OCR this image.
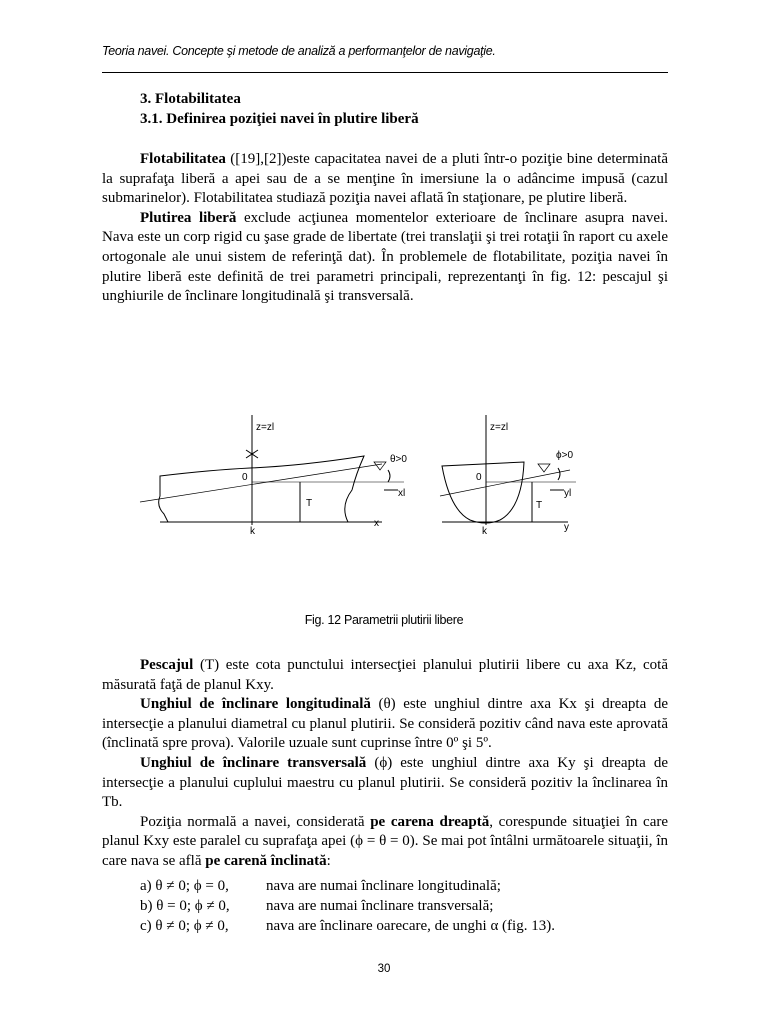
Teoria navei. Concepte şi metode de analiză a performanţelor de navigaţie.
3. Flotabilitatea
3.1. Definirea poziţiei navei în plutire liberă

Flotabilitatea ([19],[2])este capacitatea navei de a pluti într-o poziţie bine determinată la suprafaţa liberă a apei sau de a se menţine în imersiune la o adâncime impusă (cazul submarinelor). Flotabilitatea studiază poziţia navei aflată în staţionare, pe plutire liberă.

Plutirea liberă exclude acţiunea momentelor exterioare de înclinare asupra navei. Nava este un corp rigid cu şase grade de libertate (trei translaţii şi trei rotaţii în raport cu axele ortogonale ale unui sistem de referinţă dat). În problemele de flotabilitate, poziţia navei în plutire liberă este definită de trei parametri principali, reprezentanţi în fig. 12: pescajul şi unghiurile de înclinare longitudinală şi transversală.

z=zl
0
θ>0
xl
x
T
k
z=zl
0
ϕ>0
yl
y
T
k
Fig. 12 Parametrii plutirii libere

Pescajul (T) este cota punctului intersecţiei planului plutirii libere cu axa Kz, cotă măsurată faţă de planul Kxy.

Unghiul de înclinare longitudinală (θ) este unghiul dintre axa Kx şi dreapta de intersecţie a planului diametral cu planul plutirii. Se consideră pozitiv când nava este aprovată (înclinată spre prova). Valorile uzuale sunt cuprinse între 0º şi 5º.

Unghiul de înclinare transversală (ϕ) este unghiul dintre axa Ky şi dreapta de intersecţie a planului cuplului maestru cu planul plutirii. Se consideră pozitiv la înclinarea în Tb.

Poziţia normală a navei, considerată pe carena dreaptă, corespunde situaţiei în care planul Kxy este paralel cu suprafaţa apei (ϕ = θ = 0). Se mai pot întâlni următoarele situaţii, în care nava se află pe carenă înclinată:

a) θ ≠ 0; ϕ = 0,	nava are numai înclinare longitudinală;
b) θ = 0; ϕ ≠ 0,	nava are numai înclinare transversală;
c) θ ≠ 0; ϕ ≠ 0,	nava are înclinare oarecare, de unghi α (fig. 13).
30
